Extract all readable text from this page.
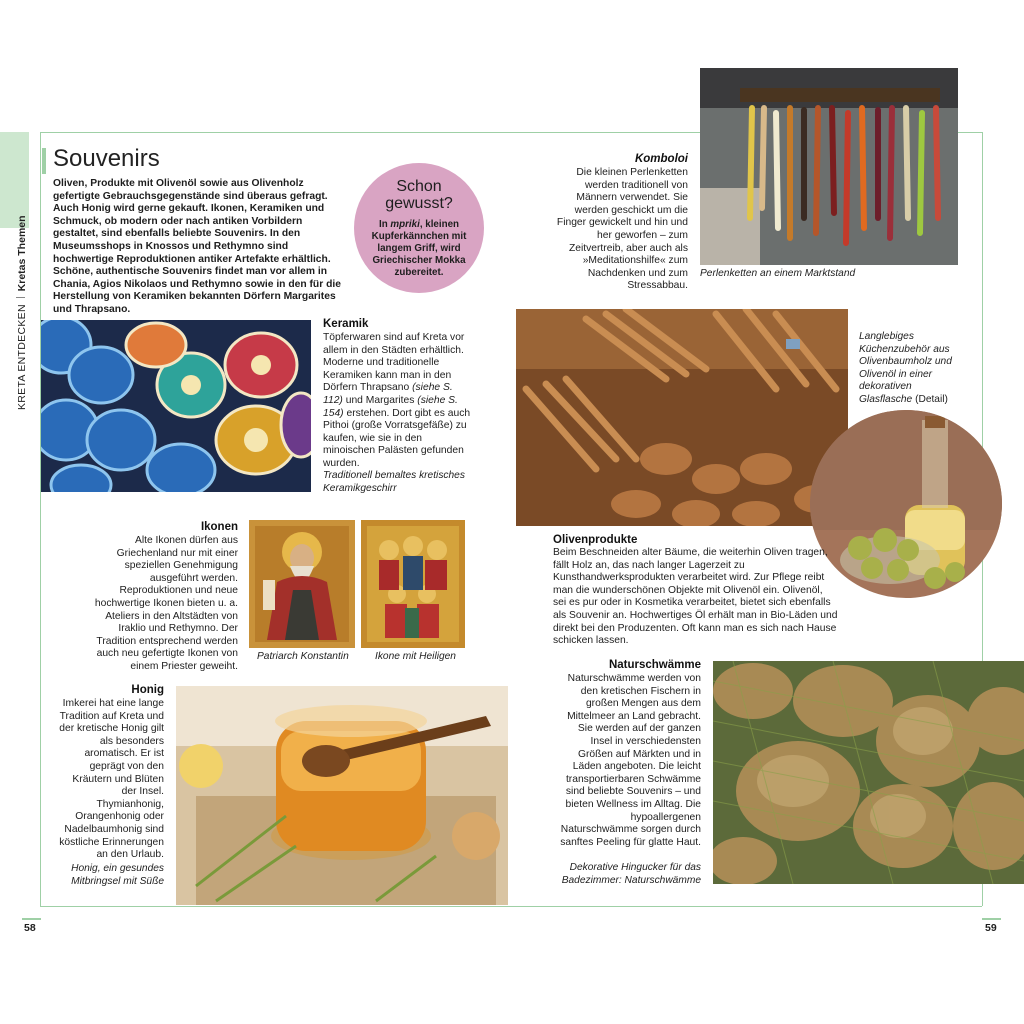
KRETA ENTDECKEN  Kretas Themen
Souvenirs
Oliven, Produkte mit Olivenöl sowie aus Olivenholz gefertigte Gebrauchsgegenstände sind überaus gefragt. Auch Honig wird gerne gekauft. Ikonen, Keramiken und Schmuck, ob modern oder nach antiken Vorbildern gestaltet, sind ebenfalls beliebte Souvenirs. In den Museumsshops in Knossos und Rethymno sind hochwertige Reproduktionen antiker Artefakte erhältlich. Schöne, authentische Souvenirs findet man vor allem in Chania, Agios Nikolaos und Rethymno sowie in den für die Herstellung von Keramiken bekannten Dörfern Margarites und Thrapsano.
Schon gewusst?
In mpriki, kleinen Kupferkännchen mit langem Griff, wird Griechischer Mokka zubereitet.
Komboloi
Die kleinen Perlenketten werden traditionell von Männern verwendet. Sie werden geschickt um die Finger gewickelt und hin und her geworfen – zum Zeitvertreib, aber auch als »Meditationshilfe« zum Nachdenken und zum Stressabbau.
Perlenketten an einem Marktstand
Keramik
Töpferwaren sind auf Kreta vor allem in den Städten erhältlich. Moderne und traditionelle Keramiken kann man in den Dörfern Thrapsano (siehe S. 112) und Margarites (siehe S. 154) erstehen. Dort gibt es auch Pithoi (große Vorratsgefäße) zu kaufen, wie sie in den minoischen Palästen gefunden wurden.
Traditionell bemaltes kretisches Keramikgeschirr
Langlebiges Küchenzubehör aus Olivenbaumholz und Olivenöl in einer dekorativen Glasflasche (Detail)
Olivenprodukte
Beim Beschneiden alter Bäume, die weiterhin Oliven tragen, fällt Holz an, das nach langer Lagerzeit zu Kunsthandwerksprodukten verarbeitet wird. Zur Pflege reibt man die wunderschönen Objekte mit Olivenöl ein. Olivenöl, sei es pur oder in Kosmetika verarbeitet, bietet sich ebenfalls als Souvenir an. Hochwertiges Öl erhält man in Bio-Läden und direkt bei den Produzenten. Oft kann man es sich nach Hause schicken lassen.
Ikonen
Alte Ikonen dürfen aus Griechenland nur mit einer speziellen Genehmigung ausgeführt werden. Reproduktionen und neue hochwertige Ikonen bieten u. a. Ateliers in den Altstädten von Iraklio und Rethymno. Der Tradition entsprechend werden auch neu gefertigte Ikonen von einem Priester geweiht.
Patriarch Konstantin	Ikone mit Heiligen
Honig
Imkerei hat eine lange Tradition auf Kreta und der kretische Honig gilt als besonders aromatisch. Er ist geprägt von den Kräutern und Blüten der Insel. Thymianhonig, Orangenhonig oder Nadelbaumhonig sind köstliche Erinnerungen an den Urlaub.
Honig, ein gesundes Mitbringsel mit Süße
Naturschwämme
Naturschwämme werden von den kretischen Fischern in großen Mengen aus dem Mittelmeer an Land gebracht. Sie werden auf der ganzen Insel in verschiedensten Größen auf Märkten und in Läden angeboten. Die leicht transportierbaren Schwämme sind beliebte Souvenirs – und bieten Wellness im Alltag. Die hypoallergenen Naturschwämme sorgen durch sanftes Peeling für glatte Haut.
Dekorative Hingucker für das Badezimmer: Naturschwämme
58	59
